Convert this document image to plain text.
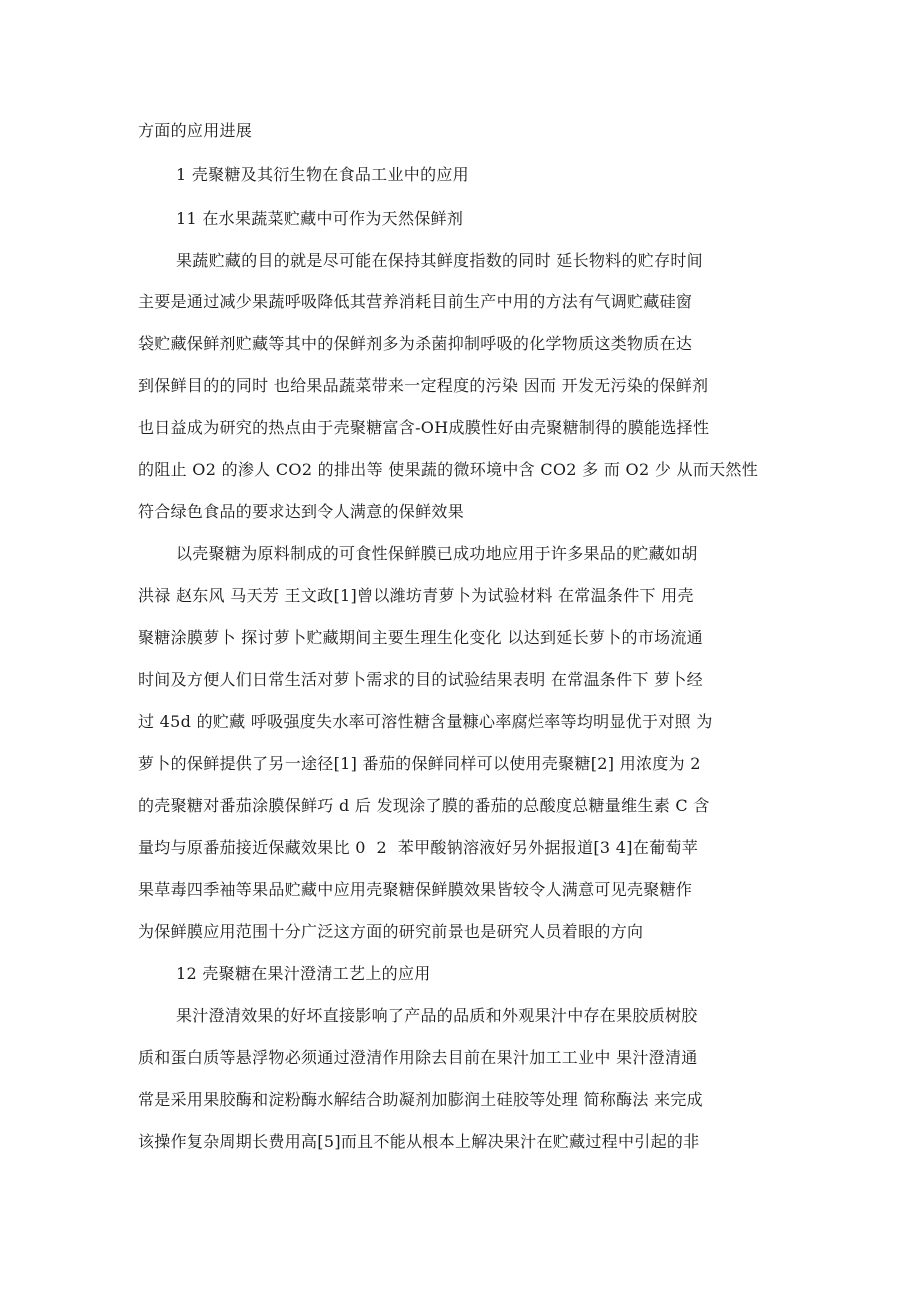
方面的应用进展
1 壳聚糖及其衍生物在食品工业中的应用
11 在水果蔬菜贮藏中可作为天然保鲜剂
果蔬贮藏的目的就是尽可能在保持其鲜度指数的同时 延长物料的贮存时间
主要是通过减少果蔬呼吸降低其营养消耗目前生产中用的方法有气调贮藏硅窗
袋贮藏保鲜剂贮藏等其中的保鲜剂多为杀菌抑制呼吸的化学物质这类物质在达
到保鲜目的的同时 也给果品蔬菜带来一定程度的污染 因而 开发无污染的保鲜剂
也日益成为研究的热点由于壳聚糖富含-OH成膜性好由壳聚糖制得的膜能选择性
的阻止 O2 的渗人 CO2 的排出等 使果蔬的微环境中含 CO2 多 而 O2 少 从而天然性
符合绿色食品的要求达到令人满意的保鲜效果
以壳聚糖为原料制成的可食性保鲜膜已成功地应用于许多果品的贮藏如胡
洪禄 赵东风 马天芳 王文政[1]曾以潍坊青萝卜为试验材料 在常温条件下 用壳
聚糖涂膜萝卜 探讨萝卜贮藏期间主要生理生化变化 以达到延长萝卜的市场流通
时间及方便人们日常生活对萝卜需求的目的试验结果表明 在常温条件下 萝卜经
过 45d 的贮藏 呼吸强度失水率可溶性糖含量糠心率腐烂率等均明显优于对照 为
萝卜的保鲜提供了另一途径[1] 番茄的保鲜同样可以使用壳聚糖[2] 用浓度为 2
的壳聚糖对番茄涂膜保鲜巧 d 后 发现涂了膜的番茄的总酸度总糖量维生素 C 含
量均与原番茄接近保藏效果比 0  2  苯甲酸钠溶液好另外据报道[3 4]在葡萄苹
果草毒四季袖等果品贮藏中应用壳聚糖保鲜膜效果皆较令人满意可见壳聚糖作
为保鲜膜应用范围十分广泛这方面的研究前景也是研究人员着眼的方向
12 壳聚糖在果汁澄清工艺上的应用
果汁澄清效果的好坏直接影响了产品的品质和外观果汁中存在果胶质树胶
质和蛋白质等悬浮物必须通过澄清作用除去目前在果汁加工工业中 果汁澄清通
常是采用果胶酶和淀粉酶水解结合助凝剂加膨润土硅胶等处理 简称酶法 来完成
该操作复杂周期长费用高[5]而且不能从根本上解决果汁在贮藏过程中引起的非
